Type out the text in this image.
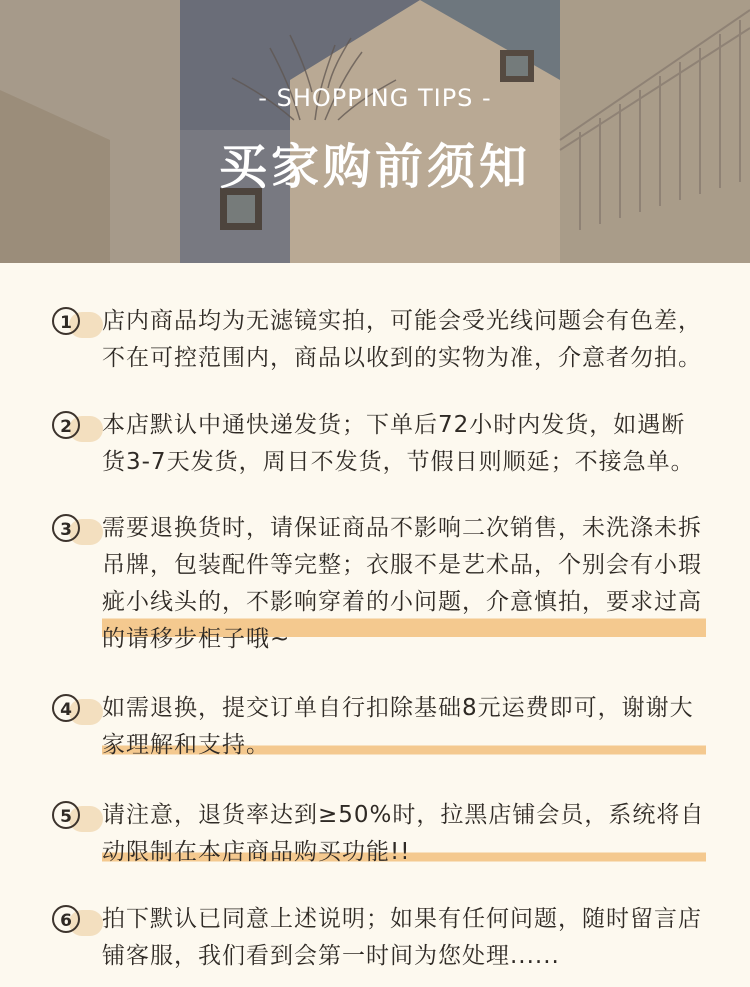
- SHOPPING TIPS -
买家购前须知
1	店内商品均为无滤镜实拍，可能会受光线问题会有色差，不在可控范围内，商品以收到的实物为准，介意者勿拍。
2	本店默认中通快递发货；下单后72小时内发货，如遇断货3-7天发货，周日不发货，节假日则顺延；不接急单。
3	需要退换货时，请保证商品不影响二次销售，未洗涤未拆吊牌，包装配件等完整；衣服不是艺术品，个别会有小瑕疵小线头的，不影响穿着的小问题，介意慎拍，要求过高的请移步柜子哦~
4	如需退换，提交订单自行扣除基础8元运费即可，谢谢大家理解和支持。
5	请注意，退货率达到≥50%时，拉黑店铺会员，系统将自动限制在本店商品购买功能!!
6	拍下默认已同意上述说明；如果有任何问题，随时留言店铺客服，我们看到会第一时间为您处理......
